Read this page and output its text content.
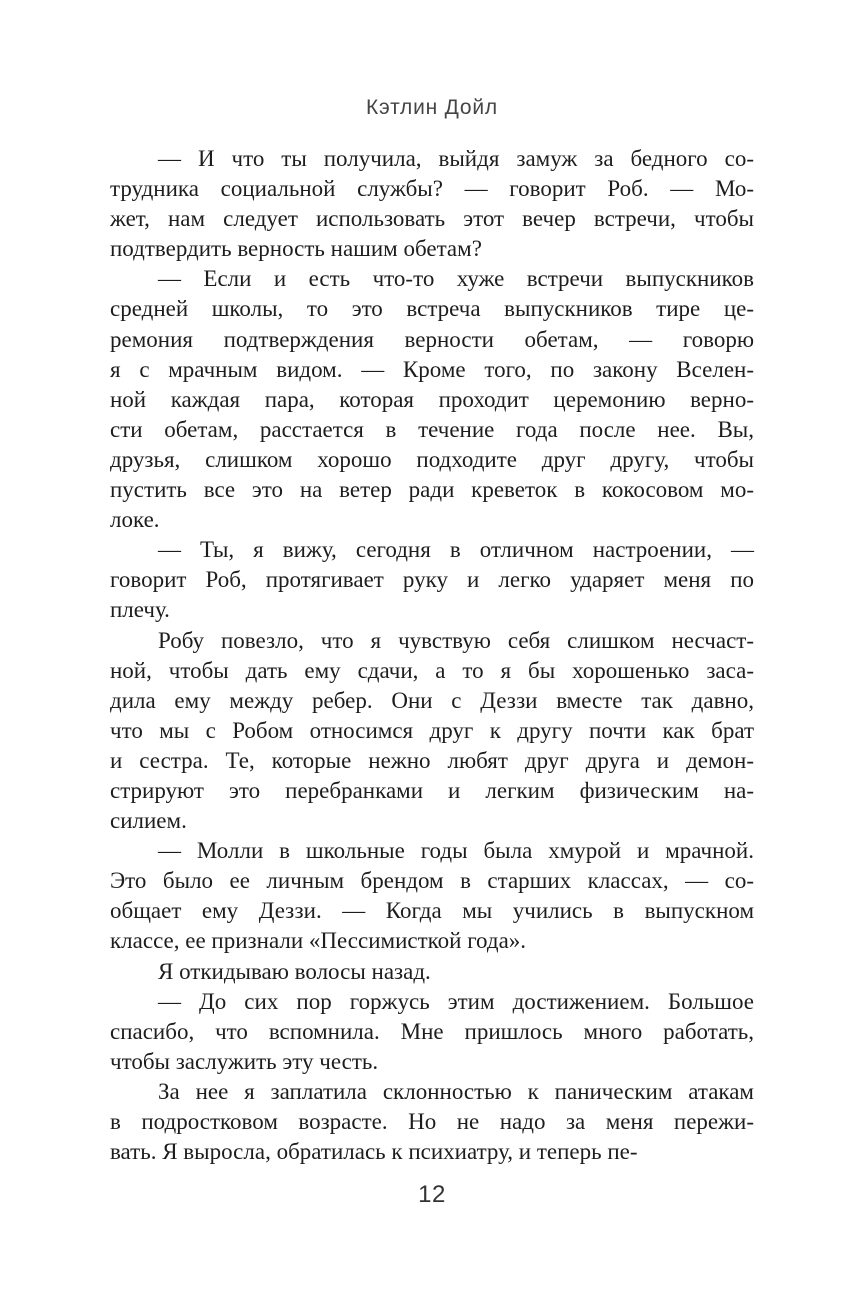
Кэтлин Дойл
— И что ты получила, выйдя замуж за бедного со-
трудника социальной службы? — говорит Роб. — Мо-
жет, нам следует использовать этот вечер встречи, чтобы
подтвердить верность нашим обетам?
— Если и есть что-то хуже встречи выпускников
средней школы, то это встреча выпускников тире це-
ремония подтверждения верности обетам, — говорю
я с мрачным видом. — Кроме того, по закону Вселен-
ной каждая пара, которая проходит церемонию верно-
сти обетам, расстается в течение года после нее. Вы,
друзья, слишком хорошо подходите друг другу, чтобы
пустить все это на ветер ради креветок в кокосовом мо-
локе.
— Ты, я вижу, сегодня в отличном настроении, —
говорит Роб, протягивает руку и легко ударяет меня по
плечу.
Робу повезло, что я чувствую себя слишком несчаст-
ной, чтобы дать ему сдачи, а то я бы хорошенько заса-
дила ему между ребер. Они с Деззи вместе так давно,
что мы с Робом относимся друг к другу почти как брат
и сестра. Те, которые нежно любят друг друга и демон-
стрируют это перебранками и легким физическим на-
силием.
— Молли в школьные годы была хмурой и мрачной.
Это было ее личным брендом в старших классах, — со-
общает ему Деззи. — Когда мы учились в выпускном
классе, ее признали «Пессимисткой года».
Я откидываю волосы назад.
— До сих пор горжусь этим достижением. Большое
спасибо, что вспомнила. Мне пришлось много работать,
чтобы заслужить эту честь.
За нее я заплатила склонностью к паническим атакам
в подростковом возрасте. Но не надо за меня пережи-
вать. Я выросла, обратилась к психиатру, и теперь пе-
12
